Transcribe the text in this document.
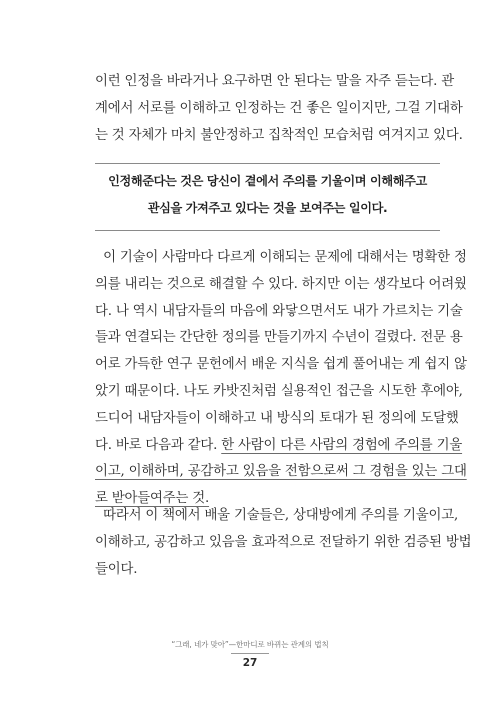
이런 인정을 바라거나 요구하면 안 된다는 말을 자주 듣는다. 관
계에서 서로를 이해하고 인정하는 건 좋은 일이지만, 그걸 기대하
는 것 자체가 마치 불안정하고 집착적인 모습처럼 여겨지고 있다.

인정해준다는 것은 당신이 곁에서 주의를 기울이며 이해해주고
관심을 가져주고 있다는 것을 보여주는 일이다.

이 기술이 사람마다 다르게 이해되는 문제에 대해서는 명확한 정
의를 내리는 것으로 해결할 수 있다. 하지만 이는 생각보다 어려웠
다. 나 역시 내담자들의 마음에 와닿으면서도 내가 가르치는 기술
들과 연결되는 간단한 정의를 만들기까지 수년이 걸렸다. 전문 용
어로 가득한 연구 문헌에서 배운 지식을 쉽게 풀어내는 게 쉽지 않
았기 때문이다. 나도 카밧진처럼 실용적인 접근을 시도한 후에야,
드디어 내담자들이 이해하고 내 방식의 토대가 된 정의에 도달했
다. 바로 다음과 같다. 한 사람이 다른 사람의 경험에 주의를 기울
이고, 이해하며, 공감하고 있음을 전함으로써 그 경험을 있는 그대
로 받아들여주는 것.

따라서 이 책에서 배울 기술들은, 상대방에게 주의를 기울이고,
이해하고, 공감하고 있음을 효과적으로 전달하기 위한 검증된 방법
들이다.

“그래, 네가 맞아”—한마디로 바뀌는 관계의 법칙
27
